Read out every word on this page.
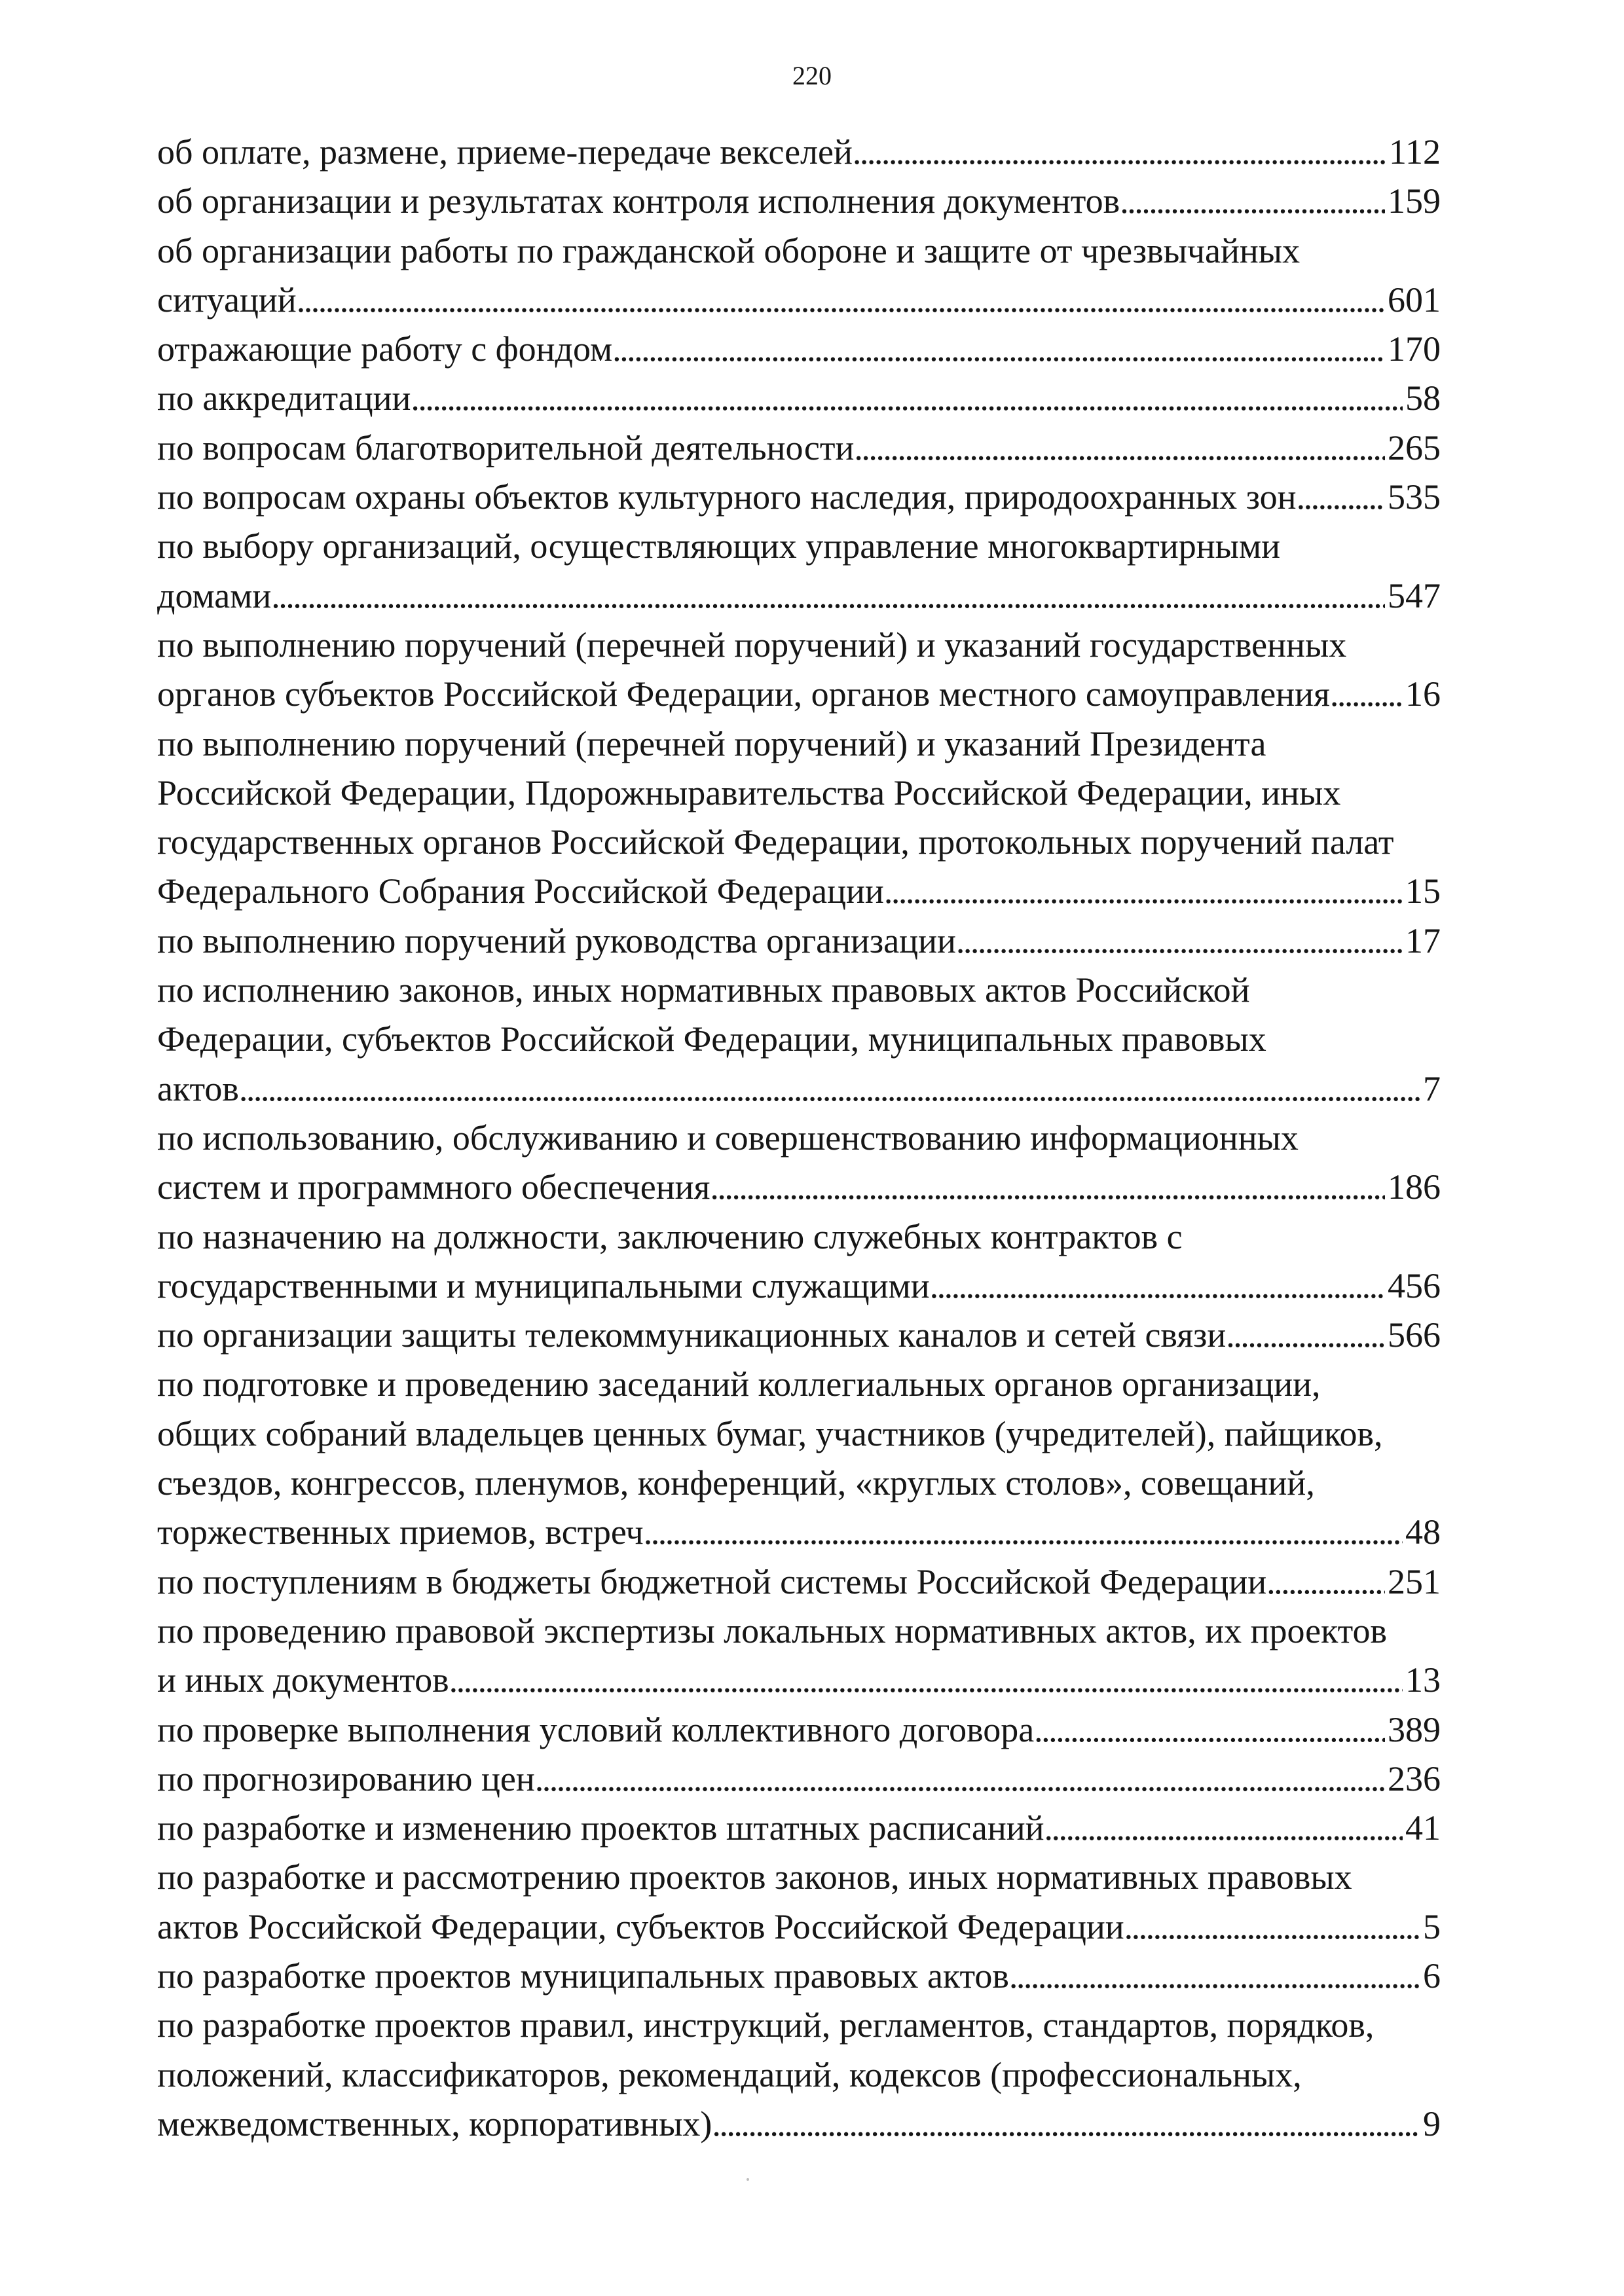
220
об оплате, размене, приеме-передаче векселей . . .	112
об организации и результатах контроля исполнения документов . . .	159
об организации работы по гражданской обороне и защите от чрезвычайных
ситуаций . . .	601
отражающие работу с фондом . . .	170
по аккредитации . . .	58
по вопросам благотворительной деятельности . . .	265
по вопросам охраны объектов культурного наследия, природоохранных зон . . .	535
по выбору организаций, осуществляющих управление многоквартирными
домами . . .	547
по выполнению поручений (перечней поручений) и указаний государственных
органов субъектов Российской Федерации, органов местного самоуправления . . . 16
по выполнению поручений (перечней поручений) и указаний Президента
Российской Федерации, Пдорожныравительства Российской Федерации, иных
государственных органов Российской Федерации, протокольных поручений палат
Федерального Собрания Российской Федерации . . .	15
по выполнению поручений руководства организации . . .	17
по исполнению законов, иных нормативных правовых актов Российской
Федерации, субъектов Российской Федерации, муниципальных правовых
актов . . .	7
по использованию, обслуживанию и совершенствованию информационных
систем и программного обеспечения . . .	186
по назначению на должности, заключению служебных контрактов с
государственными и муниципальными служащими . . .	456
по организации защиты телекоммуникационных каналов и сетей связи . . .	566
по подготовке и проведению заседаний коллегиальных органов организации,
общих собраний владельцев ценных бумаг, участников (учредителей), пайщиков,
съездов, конгрессов, пленумов, конференций, «круглых столов», совещаний,
торжественных приемов, встреч . . .	48
по поступлениям в бюджеты бюджетной системы Российской Федерации . . .	251
по проведению правовой экспертизы локальных нормативных актов, их проектов
и иных документов . . .	13
по проверке выполнения условий коллективного договора . . .	389
по прогнозированию цен . . .	236
по разработке и изменению проектов штатных расписаний . . .	41
по разработке и рассмотрению проектов законов, иных нормативных правовых
актов Российской Федерации, субъектов Российской Федерации . . .	5
по разработке проектов муниципальных правовых актов . . .	6
по разработке проектов правил, инструкций, регламентов, стандартов, порядков,
положений, классификаторов, рекомендаций, кодексов (профессиональных,
межведомственных, корпоративных) . . .	9
